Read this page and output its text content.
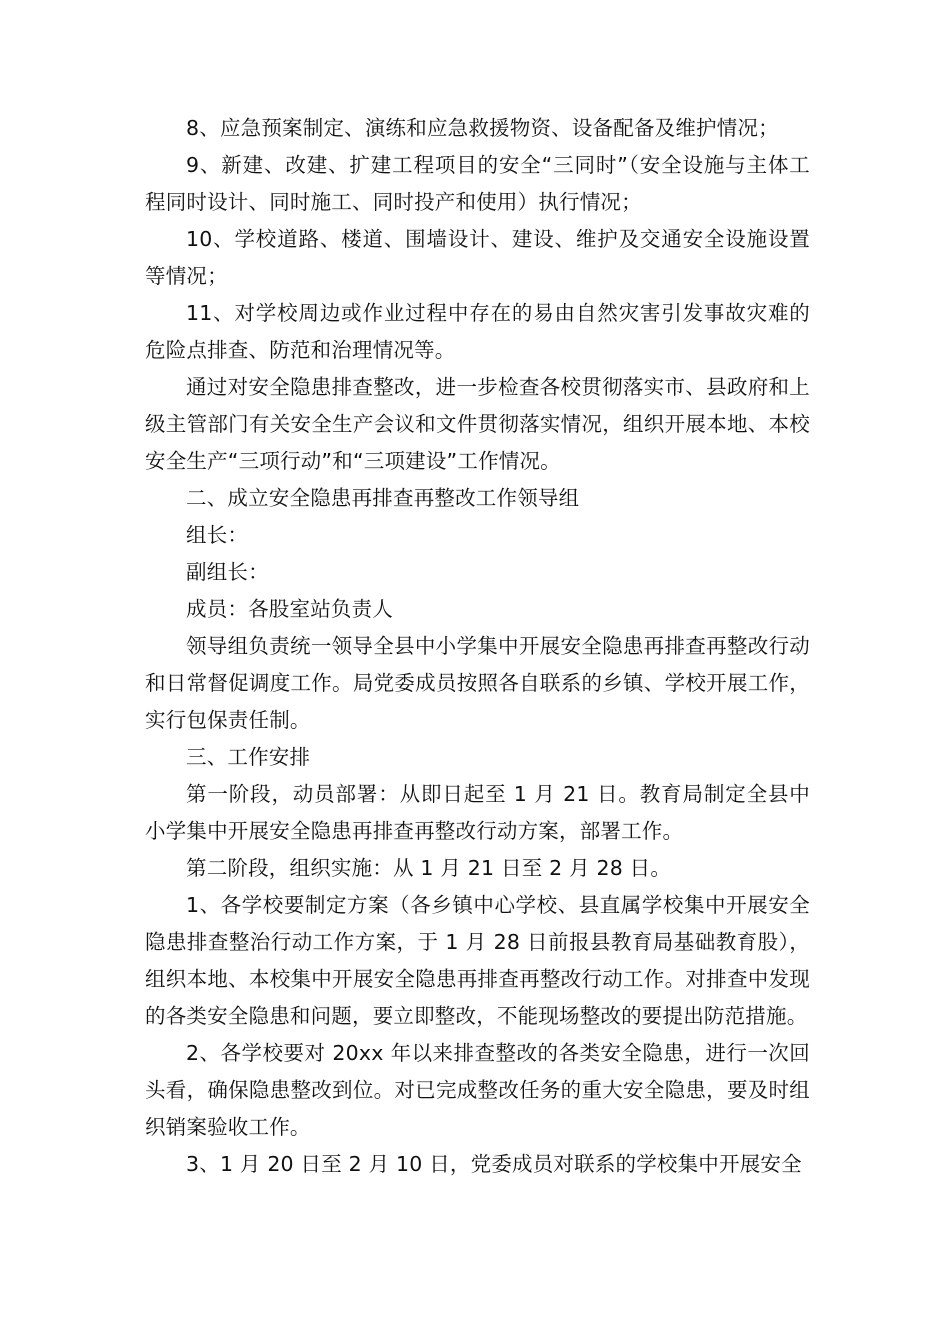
8、应急预案制定、演练和应急救援物资、设备配备及维护情况；

9、新建、改建、扩建工程项目的安全“三同时”（安全设施与主体工程同时设计、同时施工、同时投产和使用）执行情况；

10、学校道路、楼道、围墙设计、建设、维护及交通安全设施设置等情况；

11、对学校周边或作业过程中存在的易由自然灾害引发事故灾难的危险点排查、防范和治理情况等。

通过对安全隐患排查整改，进一步检查各校贯彻落实市、县政府和上级主管部门有关安全生产会议和文件贯彻落实情况，组织开展本地、本校安全生产“三项行动”和“三项建设”工作情况。

二、成立安全隐患再排查再整改工作领导组

组长：

副组长：

成员：各股室站负责人

领导组负责统一领导全县中小学集中开展安全隐患再排查再整改行动和日常督促调度工作。局党委成员按照各自联系的乡镇、学校开展工作，实行包保责任制。

三、工作安排

第一阶段，动员部署：从即日起至 1 月 21 日。教育局制定全县中小学集中开展安全隐患再排查再整改行动方案，部署工作。

第二阶段，组织实施：从 1 月 21 日至 2 月 28 日。

1、各学校要制定方案（各乡镇中心学校、县直属学校集中开展安全隐患排查整治行动工作方案，于 1 月 28 日前报县教育局基础教育股），组织本地、本校集中开展安全隐患再排查再整改行动工作。对排查中发现的各类安全隐患和问题，要立即整改，不能现场整改的要提出防范措施。

2、各学校要对 20xx 年以来排查整改的各类安全隐患，进行一次回头看，确保隐患整改到位。对已完成整改任务的重大安全隐患，要及时组织销案验收工作。

3、1 月 20 日至 2 月 10 日，党委成员对联系的学校集中开展安全
